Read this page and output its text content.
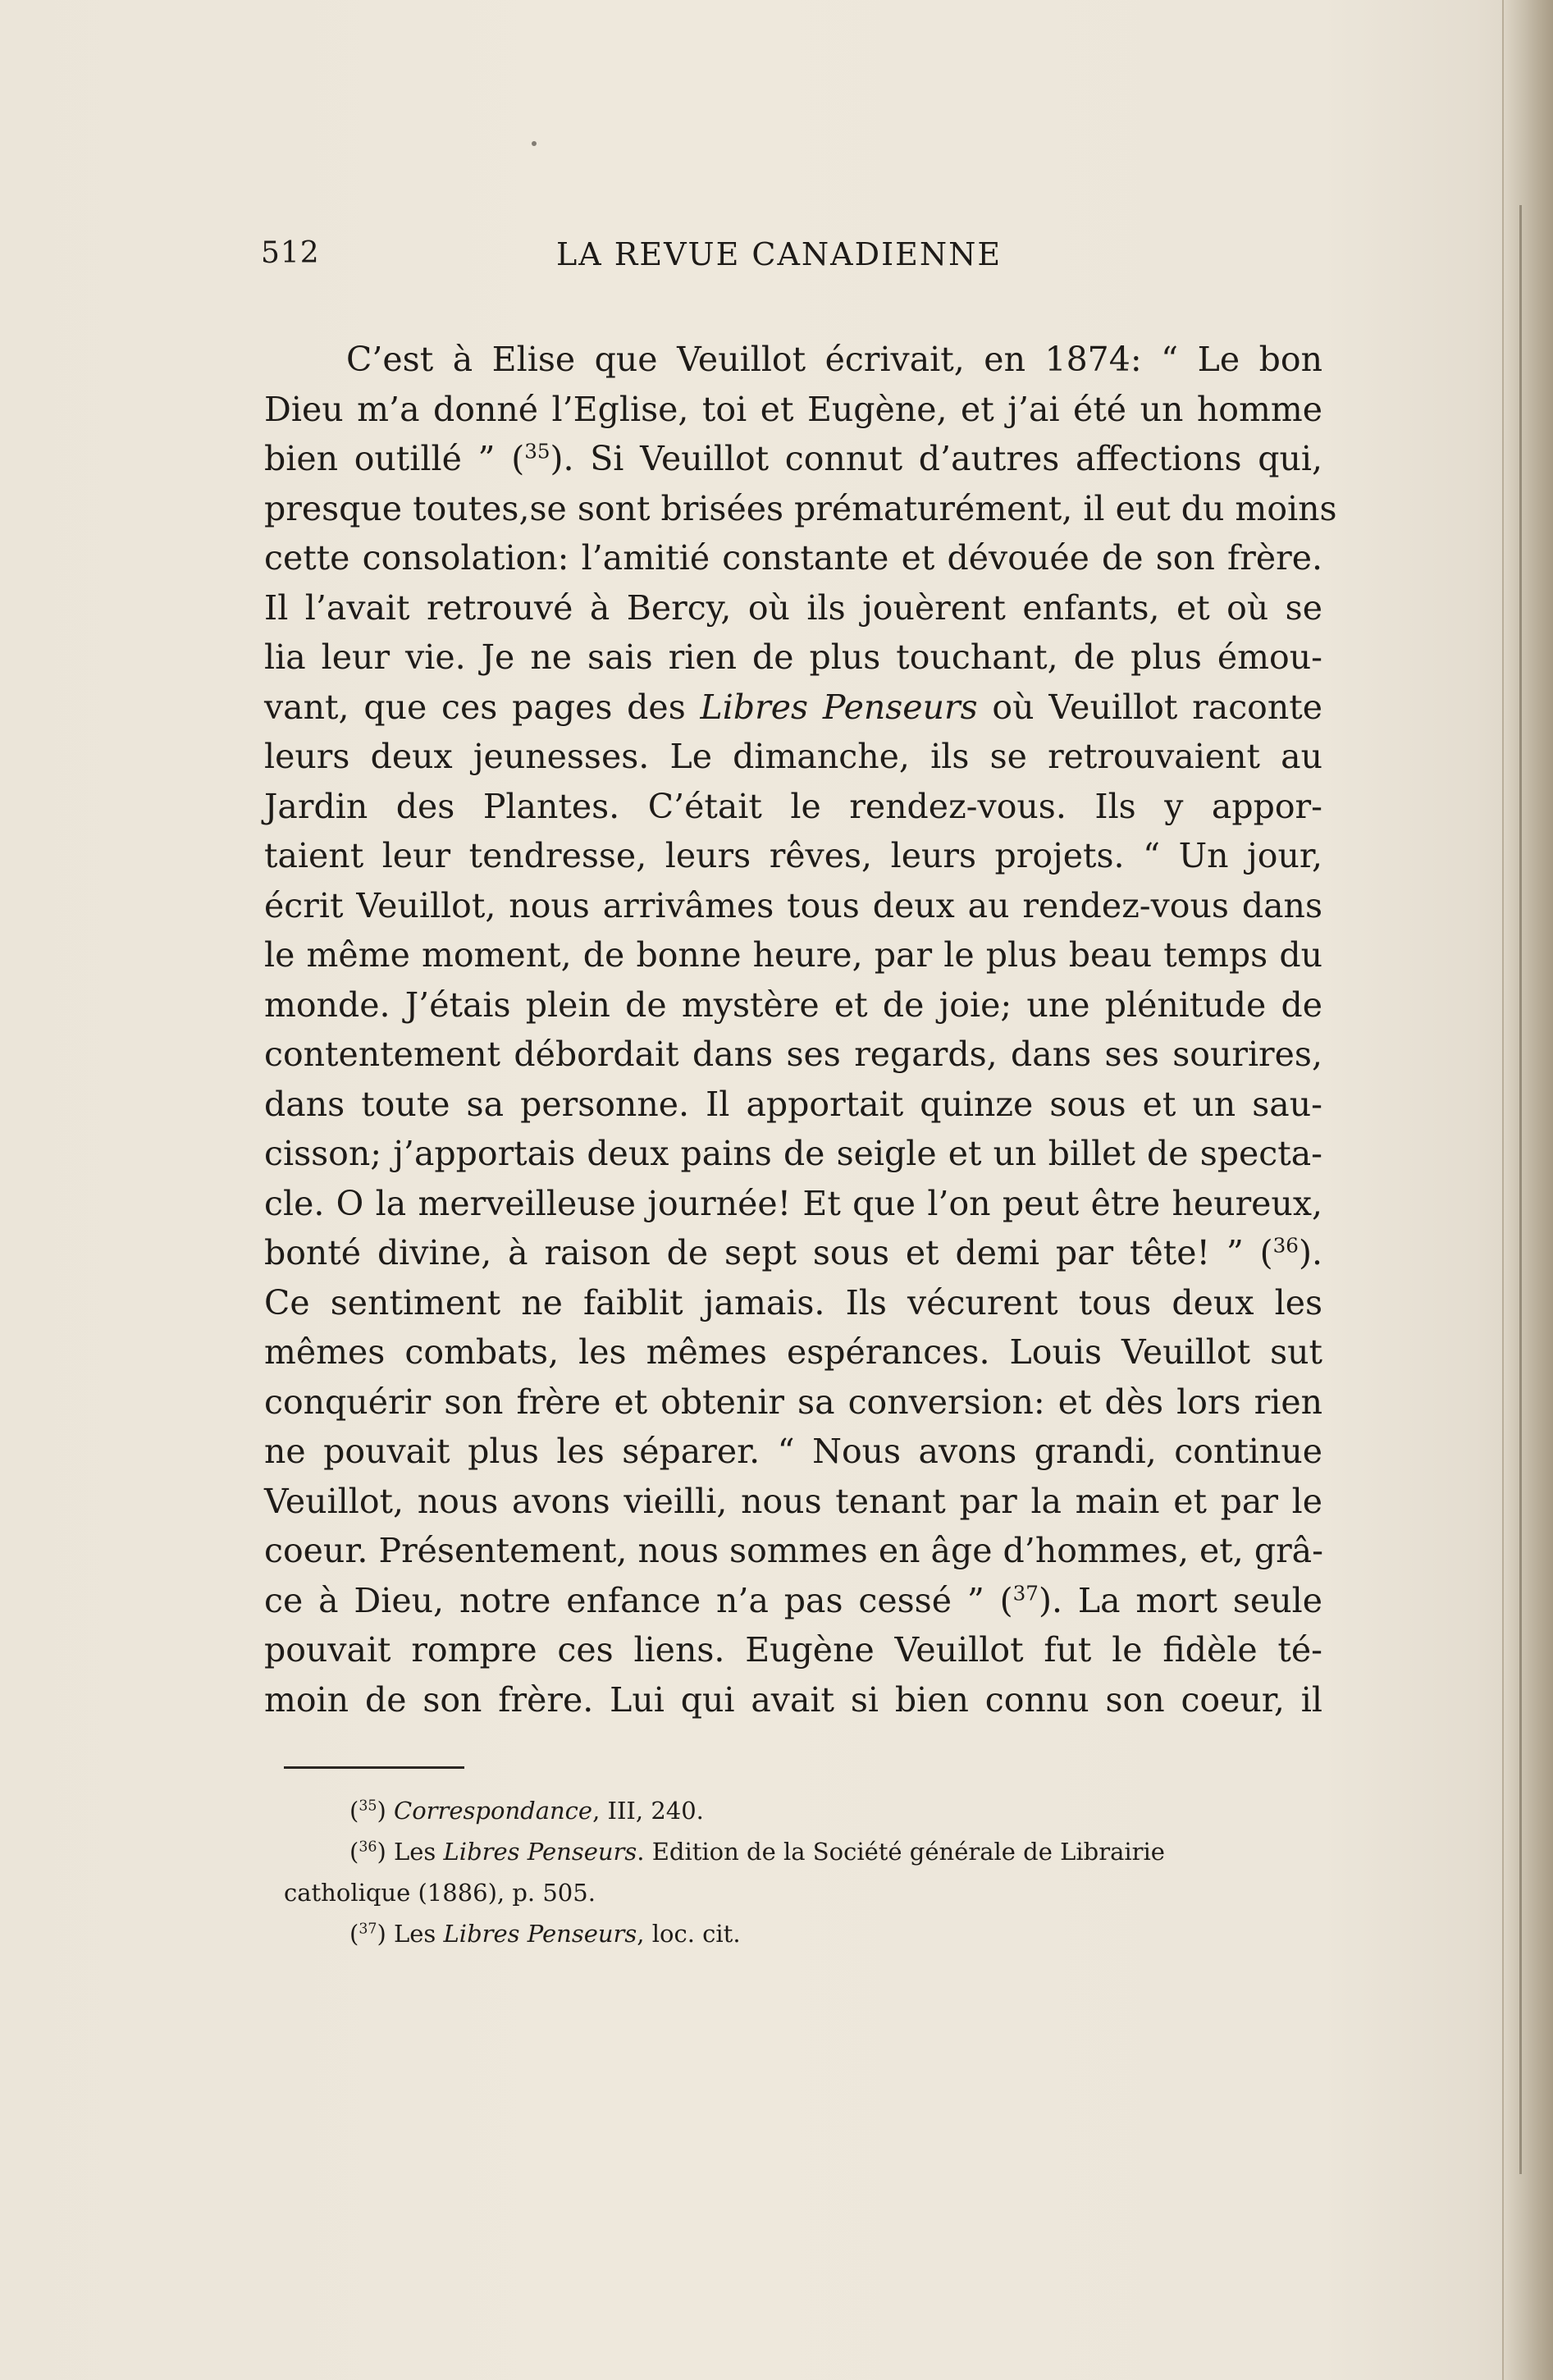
512	LA REVUE CANADIENNE
C’est à Elise que Veuillot écrivait, en 1874: “ Le bon
Dieu m’a donné l’Eglise, toi et Eugène, et j’ai été un homme
bien outillé ” ($^{35}$). Si Veuillot connut d’autres affections qui,
presque toutes,se sont brisées prématurément, il eut du moins
cette consolation: l’amitié constante et dévouée de son frère.
Il l’avait retrouvé à Bercy, où ils jouèrent enfants, et où se
lia leur vie. Je ne sais rien de plus touchant, de plus émou-
vant, que ces pages des Libres Penseurs où Veuillot raconte
leurs deux jeunesses. Le dimanche, ils se retrouvaient au
Jardin des Plantes. C’était le rendez-vous. Ils y appor-
taient leur tendresse, leurs rêves, leurs projets. “ Un jour,
écrit Veuillot, nous arrivâmes tous deux au rendez-vous dans
le même moment, de bonne heure, par le plus beau temps du
monde. J’étais plein de mystère et de joie; une plénitude de
contentement débordait dans ses regards, dans ses sourires,
dans toute sa personne. Il apportait quinze sous et un sau-
cisson; j’apportais deux pains de seigle et un billet de specta-
cle. O la merveilleuse journée! Et que l’on peut être heureux,
bonté divine, à raison de sept sous et demi par tête! ” ($^{36}$).
Ce sentiment ne faiblit jamais. Ils vécurent tous deux les
mêmes combats, les mêmes espérances. Louis Veuillot sut
conquérir son frère et obtenir sa conversion: et dès lors rien
ne pouvait plus les séparer. “ Nous avons grandi, continue
Veuillot, nous avons vieilli, nous tenant par la main et par le
coeur. Présentement, nous sommes en âge d’hommes, et, grâ-
ce à Dieu, notre enfance n’a pas cessé ” ($^{37}$). La mort seule
pouvait rompre ces liens. Eugène Veuillot fut le fidèle té-
moin de son frère. Lui qui avait si bien connu son coeur, il
($^{35}$) Correspondance, III, 240.
($^{36}$) Les Libres Penseurs. Edition de la Société générale de Librairie
catholique (1886), p. 505.
($^{37}$) Les Libres Penseurs, loc. cit.
